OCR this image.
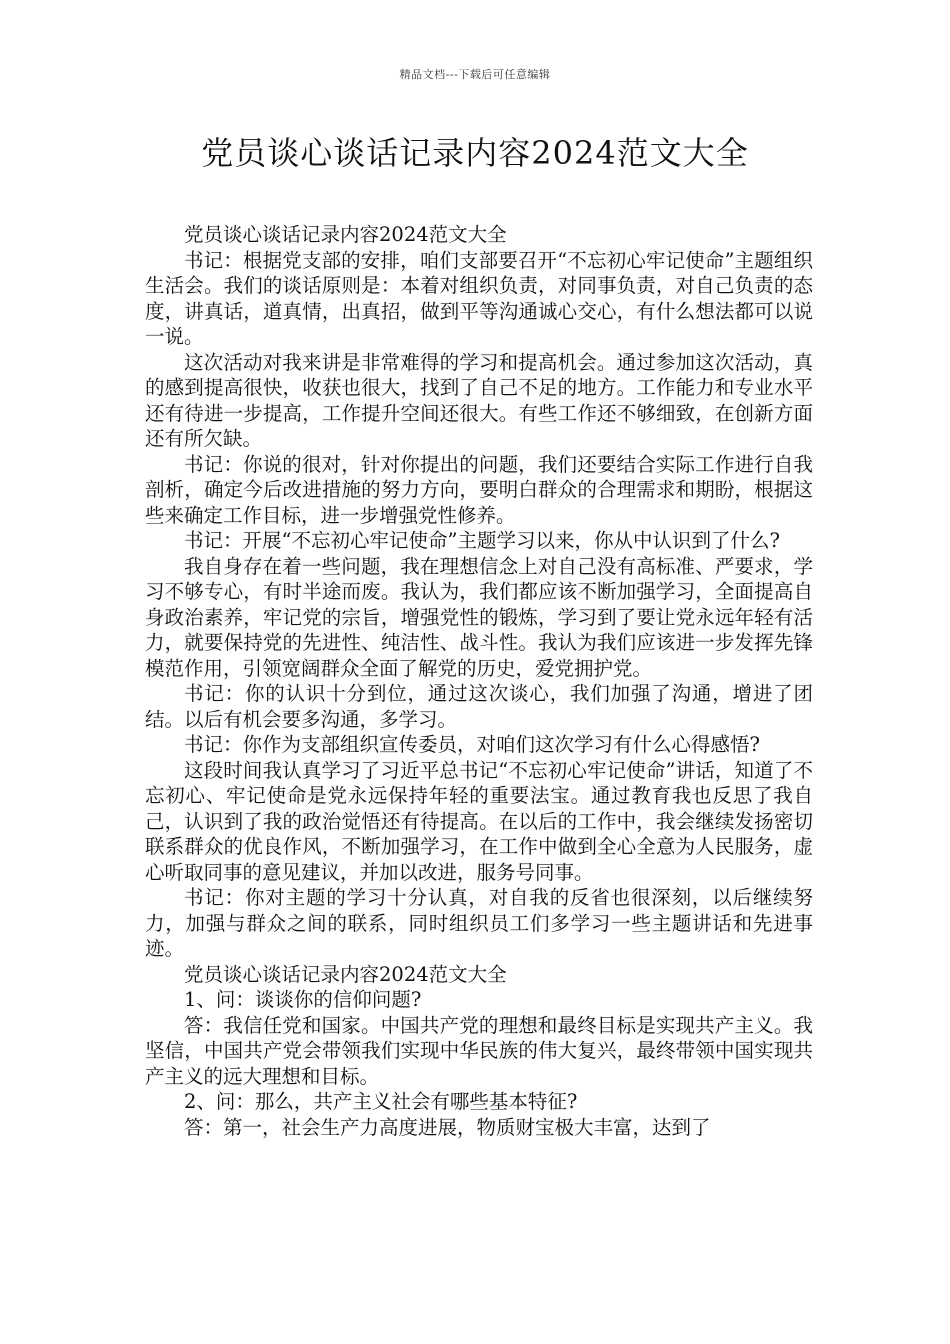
精品文档---下载后可任意编辑
党员谈心谈话记录内容2024范文大全

党员谈心谈话记录内容2024范文大全

书记：根据党支部的安排，咱们支部要召开“不忘初心牢记使命”主题组织生活会。我们的谈话原则是：本着对组织负责，对同事负责，对自己负责的态度，讲真话，道真情，出真招，做到平等沟通诚心交心，有什么想法都可以说一说。

这次活动对我来讲是非常难得的学习和提高机会。通过参加这次活动，真的感到提高很快，收获也很大，找到了自己不足的地方。工作能力和专业水平还有待进一步提高，工作提升空间还很大。有些工作还不够细致，在创新方面还有所欠缺。

书记：你说的很对，针对你提出的问题，我们还要结合实际工作进行自我剖析，确定今后改进措施的努力方向，要明白群众的合理需求和期盼，根据这些来确定工作目标，进一步增强党性修养。

书记：开展“不忘初心牢记使命”主题学习以来，你从中认识到了什么?

我自身存在着一些问题，我在理想信念上对自己没有高标准、严要求，学习不够专心，有时半途而废。我认为，我们都应该不断加强学习，全面提高自身政治素养，牢记党的宗旨，增强党性的锻炼，学习到了要让党永远年轻有活力，就要保持党的先进性、纯洁性、战斗性。我认为我们应该进一步发挥先锋模范作用，引领宽阔群众全面了解党的历史，爱党拥护党。

书记：你的认识十分到位，通过这次谈心，我们加强了沟通，增进了团结。以后有机会要多沟通，多学习。

书记：你作为支部组织宣传委员，对咱们这次学习有什么心得感悟?

这段时间我认真学习了习近平总书记“不忘初心牢记使命”讲话，知道了不忘初心、牢记使命是党永远保持年轻的重要法宝。通过教育我也反思了我自己，认识到了我的政治觉悟还有待提高。在以后的工作中，我会继续发扬密切联系群众的优良作风，不断加强学习，在工作中做到全心全意为人民服务，虚心听取同事的意见建议，并加以改进，服务号同事。

书记：你对主题的学习十分认真，对自我的反省也很深刻，以后继续努力，加强与群众之间的联系，同时组织员工们多学习一些主题讲话和先进事迹。

党员谈心谈话记录内容2024范文大全

1、问：谈谈你的信仰问题?

答：我信任党和国家。中国共产党的理想和最终目标是实现共产主义。我坚信，中国共产党会带领我们实现中华民族的伟大复兴，最终带领中国实现共产主义的远大理想和目标。

2、问：那么，共产主义社会有哪些基本特征?

答：第一，社会生产力高度进展，物质财宝极大丰富，达到了
